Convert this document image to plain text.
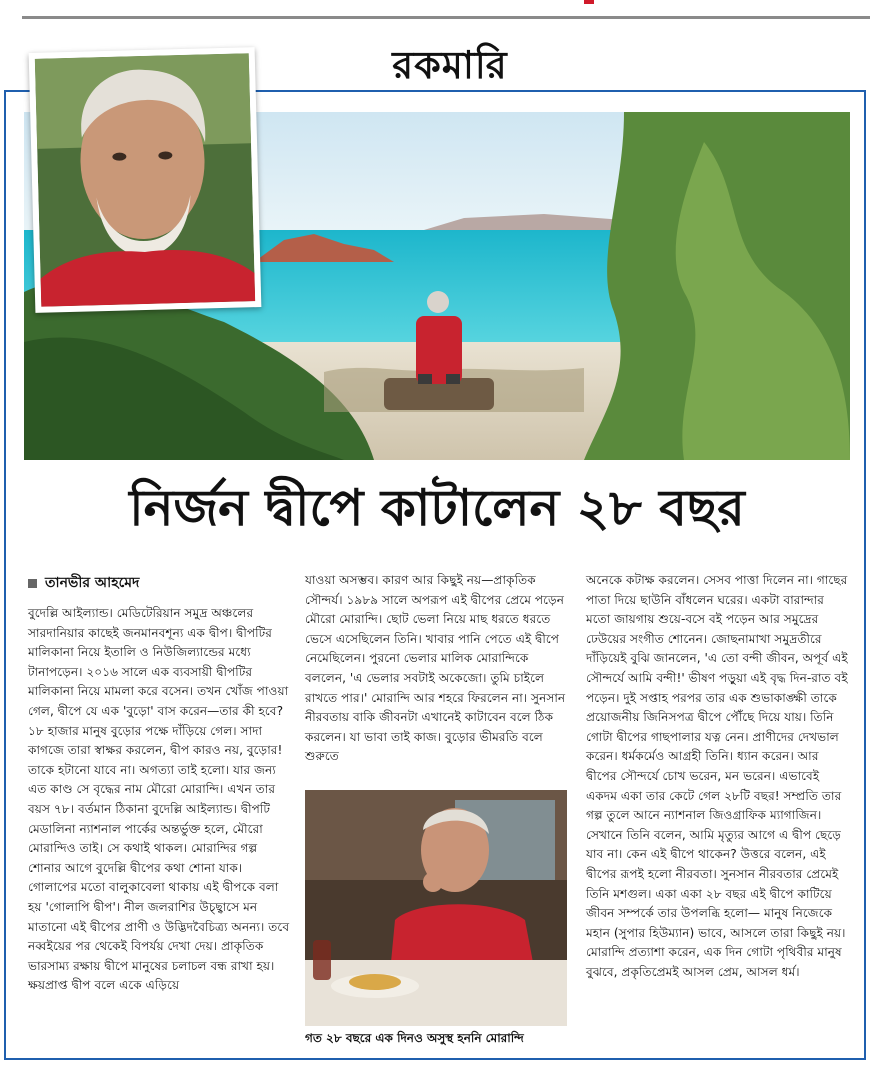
রকমারি
নির্জন দ্বীপে কাটালেন ২৮ বছর
তানভীর আহমেদ

বুদেল্লি আইল্যান্ড। মেডিটেরিয়ান সমুদ্র অঞ্চলের সারদানিয়ার কাছেই জনমানবশূন্য এক দ্বীপ। দ্বীপটির মালিকানা নিয়ে ইতালি ও নিউজিল্যান্ডের মধ্যে টানাপড়েন। ২০১৬ সালে এক ব্যবসায়ী দ্বীপটির মালিকানা নিয়ে মামলা করে বসেন। তখন খোঁজ পাওয়া গেল, দ্বীপে যে এক 'বুড়ো' বাস করেন—তার কী হবে? ১৮ হাজার মানুষ বুড়োর পক্ষে দাঁড়িয়ে গেল। সাদা কাগজে তারা স্বাক্ষর করলেন, দ্বীপ কারও নয়, বুড়োর! তাকে হটানো যাবে না। অগত্যা তাই হলো। যার জন্য এত কাণ্ড সে বৃদ্ধের নাম মৌরো মোরান্দি। এখন তার বয়স ৭৮। বর্তমান ঠিকানা বুদেল্লি আইল্যান্ড। দ্বীপটি মেডালিনা ন্যাশনাল পার্কের অন্তর্ভুক্ত হলে, মৌরো মোরান্দিও তাই। সে কথাই থাকল। মোরান্দির গল্প শোনার আগে বুদেল্লি দ্বীপের কথা শোনা যাক। গোলাপের মতো বালুকাবেলা থাকায় এই দ্বীপকে বলা হয় 'গোলাপি দ্বীপ'। নীল জলরাশির উচ্ছ্বাসে মন মাতানো এই দ্বীপের প্রাণী ও উদ্ভিদবৈচিত্র্য অনন্য। তবে নব্বইয়ের পর থেকেই বিপর্যয় দেখা দেয়। প্রাকৃতিক ভারসাম্য রক্ষায় দ্বীপে মানুষের চলাচল বন্ধ রাখা হয়। ক্ষয়প্রাপ্ত দ্বীপ বলে একে এড়িয়ে

যাওয়া অসম্ভব। কারণ আর কিছুই নয়—প্রাকৃতিক সৌন্দর্য। ১৯৮৯ সালে অপরূপ এই দ্বীপের প্রেমে পড়েন মৌরো মোরান্দি। ছোট ভেলা নিয়ে মাছ ধরতে ধরতে ভেসে এসেছিলেন তিনি। খাবার পানি পেতে এই দ্বীপে নেমেছিলেন। পুরনো ভেলার মালিক মোরান্দিকে বললেন, 'এ ভেলার সবটাই অকেজো। তুমি চাইলে রাখতে পার।' মোরান্দি আর শহরে ফিরলেন না। সুনসান নীরবতায় বাকি জীবনটা এখানেই কাটাবেন বলে ঠিক করলেন। যা ভাবা তাই কাজ। বুড়োর ভীমরতি বলে শুরুতে

গত ২৮ বছরে এক দিনও অসুস্থ হননি মোরান্দি

অনেকে কটাক্ষ করলেন। সেসব পাত্তা দিলেন না। গাছের পাতা দিয়ে ছাউনি বাঁধলেন ঘরের। একটা বারান্দার মতো জায়গায় শুয়ে-বসে বই পড়েন আর সমুদ্রের ঢেউয়ের সংগীত শোনেন। জোছনামাখা সমুদ্রতীরে দাঁড়িয়েই বুঝি জানলেন, 'এ তো বন্দী জীবন, অপূর্ব এই সৌন্দর্যে আমি বন্দী!' ভীষণ পড়ুয়া এই বৃদ্ধ দিন-রাত বই পড়েন। দুই সপ্তাহ পরপর তার এক শুভাকাঙ্ক্ষী তাকে প্রয়োজনীয় জিনিসপত্র দ্বীপে পৌঁছে দিয়ে যায়। তিনি গোটা দ্বীপের গাছপালার যত্ন নেন। প্রাণীদের দেখভাল করেন। ধর্মকর্মেও আগ্রহী তিনি। ধ্যান করেন। আর দ্বীপের সৌন্দর্যে চোখ ভরেন, মন ভরেন। এভাবেই একদম একা তার কেটে গেল ২৮টি বছর! সম্প্রতি তার গল্প তুলে আনে ন্যাশনাল জিওগ্রাফিক ম্যাগাজিন। সেখানে তিনি বলেন, আমি মৃত্যুর আগে এ দ্বীপ ছেড়ে যাব না। কেন এই দ্বীপে থাকেন? উত্তরে বলেন, এই দ্বীপের রূপই হলো নীরবতা। সুনসান নীরবতার প্রেমেই তিনি মশগুল। একা একা ২৮ বছর এই দ্বীপে কাটিয়ে জীবন সম্পর্কে তার উপলব্ধি হলো— মানুষ নিজেকে মহান (সুপার হিউম্যান) ভাবে, আসলে তারা কিছুই নয়। মোরান্দি প্রত্যাশা করেন, এক দিন গোটা পৃথিবীর মানুষ বুঝবে, প্রকৃতিপ্রেমই আসল প্রেম, আসল ধর্ম।
